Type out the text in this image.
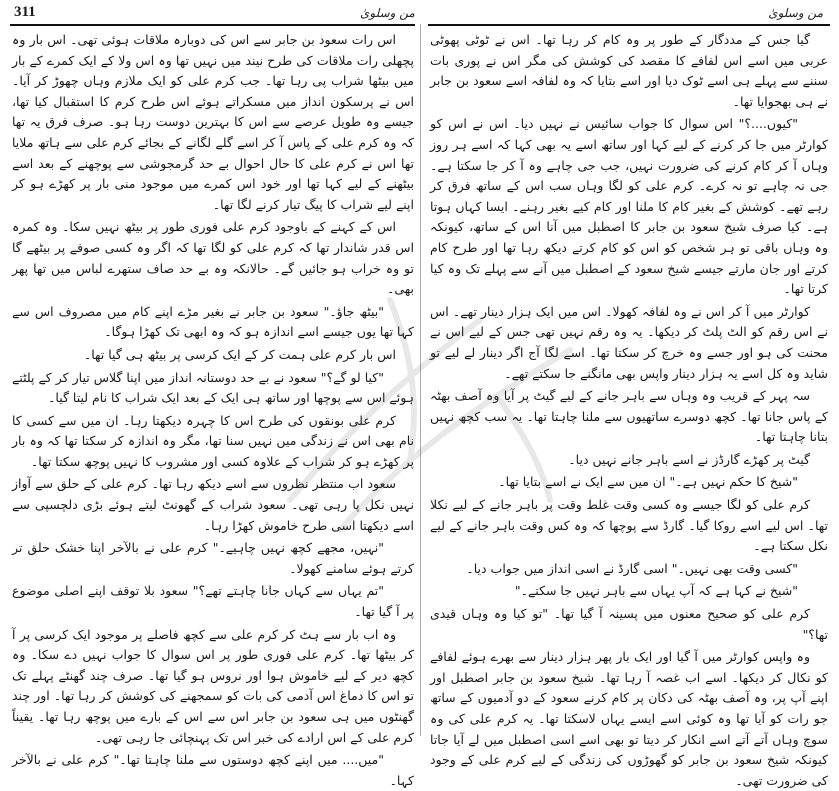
311	من وسلوىٰ	من وسلوىٰ

گیا جس کے مددگار کے طور پر وہ کام کر رہا تھا۔ اس نے ٹوٹی پھوٹی عربی میں اسے اس لفافے کا مقصد کی کوشش کی مگر اس نے پوری بات سننے سے پہلے ہی اسے ٹوک دیا اور اسے بتایا کہ وہ لفافہ اسے سعود بن جابر نے ہی بھجوایا تھا۔

"کیوں....؟" اس سوال کا جواب سائیس نے نہیں دیا۔ اس نے اس کو کوارٹر میں جا کر کرنے کے لیے کہا اور ساتھ اسے یہ بھی کہا کہ اسے ہر روز وہاں آ کر کام کرنے کی ضرورت نہیں، جب جی چاہے وہ آ کر جا سکتا ہے۔ جی نہ چاہے تو نہ کرے۔ کرم علی کو لگا وہاں سب اس کے ساتھ فرق کر رہے تھے۔ کوشش کے بغیر کام کا ملنا اور کام کیے بغیر رہنے۔ ایسا کہاں ہوتا ہے۔ کیا صرف شیخ سعود بن جابر کا اصطبل میں آنا اس کے ساتھ، کیونکہ وہ وہاں باقی تو ہر شخص کو اس کو کام کرتے دیکھ رہا تھا اور طرح کام کرتے اور جان مارتے جیسے شیخ سعود کے اصطبل میں آنے سے پہلے تک وہ کیا کرتا تھا۔

کوارٹر میں آ کر اس نے وہ لفافہ کھولا۔ اس میں ایک ہزار دینار تھے۔ اس نے اس رقم کو الٹ پلٹ کر دیکھا۔ یہ وہ رقم نہیں تھی جس کے لیے اس نے محنت کی ہو اور جسے وہ خرچ کر سکتا تھا۔ اسے لگا آج اگر دینار لے لیے تو شاید وہ کل اسے یہ ہزار دینار واپس بھی مانگنے جا سکتے تھے۔

سہ پہر کے قریب وہ وہاں سے باہر جانے کے لیے گیٹ پر آیا وہ آصف بھٹہ کے پاس جانا تھا۔ کچھ دوسرے ساتھیوں سے ملنا چاہتا تھا۔ یہ سب کچھ نہیں بتانا چاہتا تھا۔

گیٹ پر کھڑے گارڈز نے اسے باہر جانے نہیں دیا۔

"شیخ کا حکم نہیں ہے۔" ان میں سے ایک نے اسے بتایا تھا۔

کرم علی کو لگا جیسے وہ کسی وقت غلط وقت پر باہر جانے کے لیے نکلا تھا۔ اس لیے اسے روکا گیا۔ گارڈ سے پوچھا کہ وہ کس وقت باہر جانے کے لیے نکل سکتا ہے۔

"کسی وقت بھی نہیں۔" اسی گارڈ نے اسی انداز میں جواب دیا۔

"شیخ نے کہا ہے کہ آپ یہاں سے باہر نہیں جا سکتے۔"

کرم علی کو صحیح معنوں میں پسینہ آ گیا تھا۔ "تو کیا وہ وہاں قیدی تھا؟"

وہ واپس کوارٹر میں آ گیا اور ایک بار پھر ہزار دینار سے بھرے ہوئے لفافے کو نکال کر دیکھا۔ اسے اب غصہ آ رہا تھا۔ شیخ سعود بن جابر اصطبل اور اپنے آپ پر، وہ آصف بھٹہ کی دکان پر کام کرنے سعود کے دو آدمیوں کے ساتھ جو رات کو آیا تھا وہ کوئی اسے ایسے یہاں لاسکتا تھا۔ یہ کرم علی کی وہ سوچ وہاں آتے آتے اسے انکار کر دیتا تو بھی اسے اسی اصطبل میں لے آیا جاتا کیونکہ شیخ سعود بن جابر کو گھوڑوں کی زندگی کے لیے کرم علی کے وجود کی ضرورت تھی۔

اس رات سعود بن جابر سے اس کی دوبارہ ملاقات ہوئی تھی۔ اس بار وہ پچھلی رات ملاقات کی طرح نیند میں نہیں تھا وہ اس ولا کے ایک کمرے کے بار میں بیٹھا شراب پی رہا تھا۔ جب کرم علی کو ایک ملازم وہاں چھوڑ کر آیا۔ اس نے پرسکون انداز میں مسکراتے ہوئے اس طرح کرم کا استقبال کیا تھا، جیسے وہ طویل عرصے سے اس کا بہترین دوست رہا ہو۔ صرف فرق یہ تھا کہ وہ کرم علی کے پاس آ کر اسے گلے لگانے کے بجائے کرم علی سے ہاتھ ملایا تھا اس نے کرم علی کا حال احوال بے حد گرمجوشی سے پوچھنے کے بعد اسے بیٹھنے کے لیے کہا تھا اور خود اس کمرے میں موجود منی بار پر کھڑے ہو کر اپنے لیے شراب کا پیگ تیار کرنے لگا تھا۔

اس کے کہنے کے باوجود کرم علی فوری طور پر بیٹھ نہیں سکا۔ وہ کمرہ اس قدر شاندار تھا کہ کرم علی کو لگا تھا کہ اگر وہ کسی صوفے پر بیٹھے گا تو وہ خراب ہو جائیں گے۔ حالانکہ وہ بے حد صاف ستھرے لباس میں تھا پھر بھی۔

"بیٹھ جاؤ۔" سعود بن جابر نے بغیر مڑے اپنے کام میں مصروف اس سے کہا تھا یوں جیسے اسے اندازہ ہو کہ وہ ابھی تک کھڑا ہوگا۔

اس بار کرم علی ہمت کر کے ایک کرسی پر بیٹھ ہی گیا تھا۔

"کیا لو گے؟" سعود نے بے حد دوستانہ انداز میں اپنا گلاس تیار کر کے پلٹتے ہوئے اس سے پوچھا اور ساتھ ہی ایک کے بعد ایک شراب کا نام لیتا گیا۔

کرم علی بونقوں کی طرح اس کا چہرہ دیکھتا رہا۔ ان میں سے کسی کا نام بھی اس نے زندگی میں نہیں سنا تھا، مگر وہ اندازہ کر سکتا تھا کہ وہ بار پر کھڑے ہو کر شراب کے علاوہ کسی اور مشروب کا نہیں پوچھ سکتا تھا۔

سعود اب منتظر نظروں سے اسے دیکھ رہا تھا۔ کرم علی کے حلق سے آواز نہیں نکل پا رہی تھی۔ سعود شراب کے گھونٹ لیتے ہوئے بڑی دلچسپی سے اسے دیکھتا اسی طرح خاموش کھڑا رہا۔

"نہیں، مجھے کچھ نہیں چاہیے۔" کرم علی نے بالآخر اپنا خشک حلق تر کرتے ہوئے سامنے کھولا۔

"تم یہاں سے کہاں جانا چاہتے تھے؟" سعود بلا توقف اپنے اصلی موضوع پر آ گیا تھا۔

وہ اب بار سے ہٹ کر کرم علی سے کچھ فاصلے پر موجود ایک کرسی پر آ کر بیٹھا تھا۔ کرم علی فوری طور پر اس سوال کا جواب نہیں دے سکا۔ وہ کچھ دیر کے لیے خاموش ہوا اور نروس ہو گیا تھا۔ صرف چند گھنٹے پہلے تک تو اس کا دماغ اس آدمی کی بات کو سمجھنے کی کوشش کر رہا تھا۔ اور چند گھنٹوں میں ہی سعود بن جابر اس سے اس کے بارے میں پوچھ رہا تھا۔ یقیناً کرم علی کے اس ارادے کی خبر اس تک پہنچائی جا رہی تھی۔

"میں.... میں اپنے کچھ دوستوں سے ملنا چاہتا تھا۔" کرم علی نے بالآخر کہا۔
